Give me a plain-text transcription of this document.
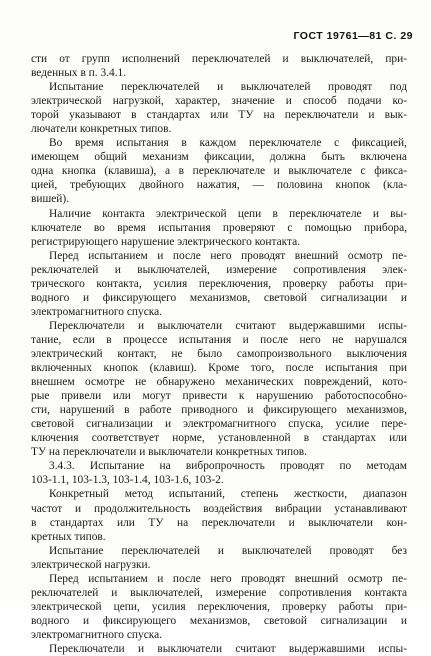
ГОСТ 19761—81 С. 29
сти от групп исполнений переключателей и выключателей, при-
веденных в п. 3.4.1.
Испытание переключателей и выключателей проводят под
электрической нагрузкой, характер, значение и способ подачи ко-
торой указывают в стандартах или ТУ на переключатели и вык-
лючатели конкретных типов.
Во время испытания в каждом переключателе с фиксацией,
имеющем общий механизм фиксации, должна быть включена
одна кнопка (клавиша), а в переключателе и выключателе с фикса-
цией, требующих двойного нажатия, — половина кнопок (кла-
вишей).
Наличие контакта электрической цепи в переключателе и вы-
ключателе во время испытания проверяют с помощью прибора,
регистрирующего нарушение электрического контакта.
Перед испытанием и после него проводят внешний осмотр пе-
реключателей и выключателей, измерение сопротивления элек-
трического контакта, усилия переключения, проверку работы при-
водного и фиксирующего механизмов, световой сигнализации и
электромагнитного спуска.
Переключатели и выключатели считают выдержавшими испы-
тание, если в процессе испытания и после него не нарушался
электрический контакт, не было самопроизвольного выключения
включенных кнопок (клавиш). Кроме того, после испытания при
внешнем осмотре не обнаружено механических повреждений, кото-
рые привели или могут привести к нарушению работоспособно-
сти, нарушений в работе приводного и фиксирующего механизмов,
световой сигнализации и электромагнитного спуска, усилие пере-
ключения соответствует норме, установленной в стандартах или
ТУ на переключатели и выключатели конкретных типов.
3.4.3. Испытание на вибропрочность проводят по методам
103-1.1, 103-1.3, 103-1.4, 103-1.6, 103-2.
Конкретный метод испытаний, степень жесткости, диапазон
частот и продолжительность воздействия вибрации устанавливают
в стандартах или ТУ на переключатели и выключатели кон-
кретных типов.
Испытание переключателей и выключателей проводят без
электрической нагрузки.
Перед испытанием и после него проводят внешний осмотр пе-
реключателей и выключателей, измерение сопротивления контакта
электрической цепи, усилия переключения, проверку работы при-
водного и фиксирующего механизмов, световой сигнализации и
электромагнитного спуска.
Переключатели и выключатели считают выдержавшими испы-
